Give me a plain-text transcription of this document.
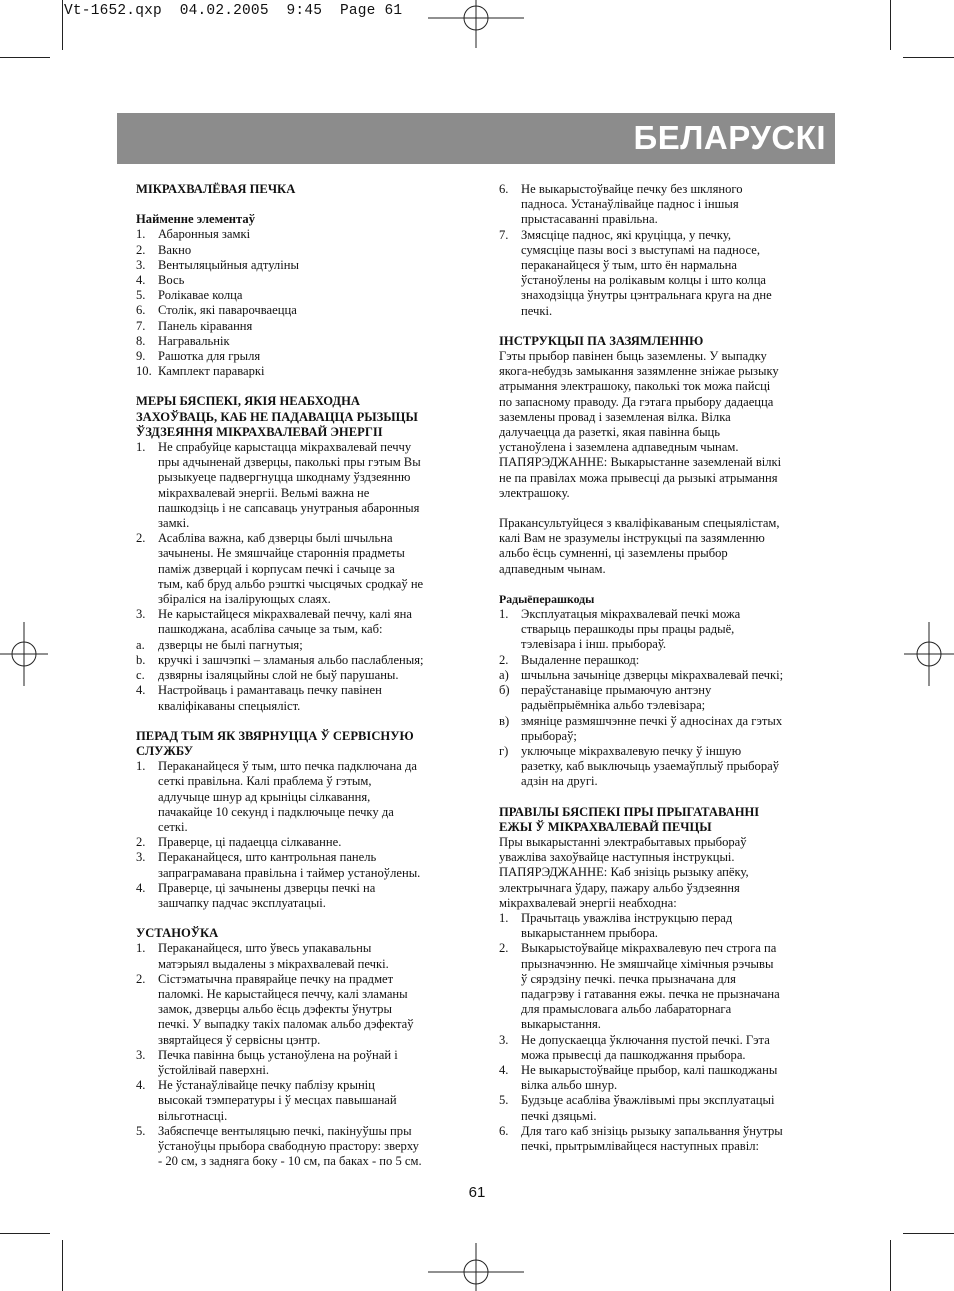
Vt-1652.qxp  04.02.2005  9:45  Page 61
БЕЛАРУСКІ
МІКРАХВАЛЁВАЯ ПЕЧКА
Найменне элементаў
1. Абаронныя замкі
2. Вакно
3. Вентыляцыйныя адтуліны
4. Вось
5. Ролікавае колца
6. Столік, які паварочваецца
7. Панель кіравання
8. Награвальнік
9. Рашотка для грыля
10. Камплект параваркі
МЕРЫ БЯСПЕКІ, ЯКІЯ НЕАБХОДНА
ЗАХОЎВАЦЬ, КАБ НЕ ПАДАВАЦЦА РЫЗЫЦЫ
ЎЗДЗЕЯННЯ МІКРАХВАЛЕВАЙ ЭНЕРГІІ
1. Не спрабуйце карыстацца мікрахвалевай печчу
пры адчыненай дзверцы, паколькі пры гэтым Вы
рызыкуеце падвергнуцца шкоднаму ўздзеянню
мікрахвалевай энергіі. Вельмі важна не
пашкодзіць і не сапсаваць унутраныя абаронныя
замкі.
2. Асабліва важна, каб дзверцы былі шчыльна
зачынены. Не змяшчайце староннія прадметы
паміж дзверцай і корпусам печкі і сачыце за
тым, каб бруд альбо рэшткі чысцячых сродкаў не
збіраліся на ізалірующых слаях.
3. Не карыстайцеся мікрахвалевай печчу, калі яна
пашкоджана, асабліва сачыце за тым, каб:
a.	дзверцы не былі пагнутыя;
b. кручкі і зашчэпкі – зламаныя альбо паслабленыя;
c.	дзвярны ізаляцыйны слой не быў парушаны.
4. Настройваць і рамантаваць печку павінен
кваліфікаваны спецыяліст.
ПЕРАД ТЫМ ЯК ЗВЯРНУЦЦА Ў СЕРВІСНУЮ
СЛУЖБУ
1. Пераканайцеся ў тым, што печка падключана да
сеткі правільна. Калі праблема ў гэтым,
адлучыце шнур ад крыніцы сілкавання,
пачакайце 10 секунд і падключыце печку да
сеткі.
2. Праверце, ці падаецца сілкаванне.
3. Пераканайцеся, што кантрольная панель
запраграмавана правільна і таймер устаноўлены.
4. Праверце, ці зачынены дзверцы печкі на
зашчапку падчас эксплуатацыі.
УСТАНОЎКА
1. Пераканайцеся, што ўвесь упакавальны
матэрыял выдалены з мікрахвалевай печкі.
2. Сістэматычна правярайце печку на прадмет
паломкі. Не карыстайцеся печчу, калі зламаны
замок, дзверцы альбо ёсць дэфекты ўнутры
печкі. У выпадку такіх паломак альбо дэфектаў
звяртайцеся ў сервісны цэнтр.
3. Печка павінна быць устаноўлена на роўнай і
ўстойлівай паверхні.
4. Не ўстанаўлівайце печку паблізу крыніц
высокай тэмпературы і ў месцах павышанай
вільготнасці.
5. Забяспечце вентыляцыю печкі, пакінуўшы пры
ўстаноўцы прыбора свабодную прастору: зверху
- 20 см, з задняга боку - 10 см, па баках - по 5 см.
6. Не выкарыстоўвайце печку без шкляного
падноса. Устанаўлівайце паднос і іншыя
прыстасаванні правільна.
7. Змясціце паднос, які круціцца, у печку,
сумясціце пазы восі з выступамі на падносе,
пераканайцеся ў тым, што ён нармальна
ўстаноўлены на ролікавым колцы і што колца
знаходзіцца ўнутры цэнтральнага круга на дне
печкі.
ІНСТРУКЦЫІ ПА ЗАЗЯМЛЕННЮ
Гэты прыбор павінен быць заземлены. У выпадку
якога-небудзь замыкання зазямленне зніжае рызыку
атрымання электрашоку, паколькі ток можа пайсці
по запасному праводу. Да гэтага прыбору дадаецца
заземлены провад і заземленая вілка. Вілка
далучаецца да разеткі, якая павінна быць
устаноўлена і заземлена адпаведным чынам.
ПАПЯРЭДЖАННЕ: Выкарыстанне заземленай вілкі
не па правілах можа прывесці да рызыкі атрымання
электрашоку.
Пракансультуйцеся з кваліфікаваным спецыялістам,
калі Вам не зразумелы інструкцыі па зазямленню
альбо ёсць сумненні, ці заземлены прыбор
адпаведным чынам.
Радыёперашкоды
1. Эксплуатацыя мікрахвалевай печкі можа
стварыць перашкоды пры працы радыё,
тэлевізара і інш. прыбораў.
2. Выдаленне перашкод:
а) шчыльна зачыніце дзверцы мікрахвалевай печкі;
б) пераўстанавіце прымаючую антэну
радыёпрыёмніка альбо тэлевізара;
в) змяніце размяшчэнне печкі ў адносінах да гэтых
прыбораў;
г)	уключыце мікрахвалевую печку ў іншую
разетку, каб выключыць узаемаўплыў прыбораў
адзін на другі.
ПРАВІЛЫ БЯСПЕКІ ПРЫ ПРЫГАТАВАННІ
ЕЖЫ Ў МІКРАХВАЛЕВАЙ ПЕЧЦЫ
Пры выкарыстанні электрабытавых прыбораў
уважліва захоўвайце наступныя інструкцыі.
ПАПЯРЭДЖАННЕ: Каб знізіць рызыку апёку,
электрычнага ўдару, пажару альбо ўздзеяння
мікрахвалевай энергіі неабходна:
1. Прачытаць уважліва інструкцыю перад
выкарыстаннем прыбора.
2. Выкарыстоўвайце мікрахвалевую печ строга па
прызначэнню. Не змяшчайце хімічныя рэчывы
ў сярэдзіну печкі. печка прызначана для
падагрэву і гатавання ежы. печка не прызначана
для прамысловага альбо лабараторнага
выкарыстання.
3. Не допускаецца ўключання пустой печкі. Гэта
можа прывесці да пашкоджання прыбора.
4. Не выкарыстоўвайце прыбор, калі пашкоджаны
вілка альбо шнур.
5. Будзьце асабліва ўважлівымі пры эксплуатацыі
печкі дзяцьмі.
6. Для таго каб знізіць рызыку запальвання ўнутры
печкі, прытрымлівайцеся наступных правіл:
61
